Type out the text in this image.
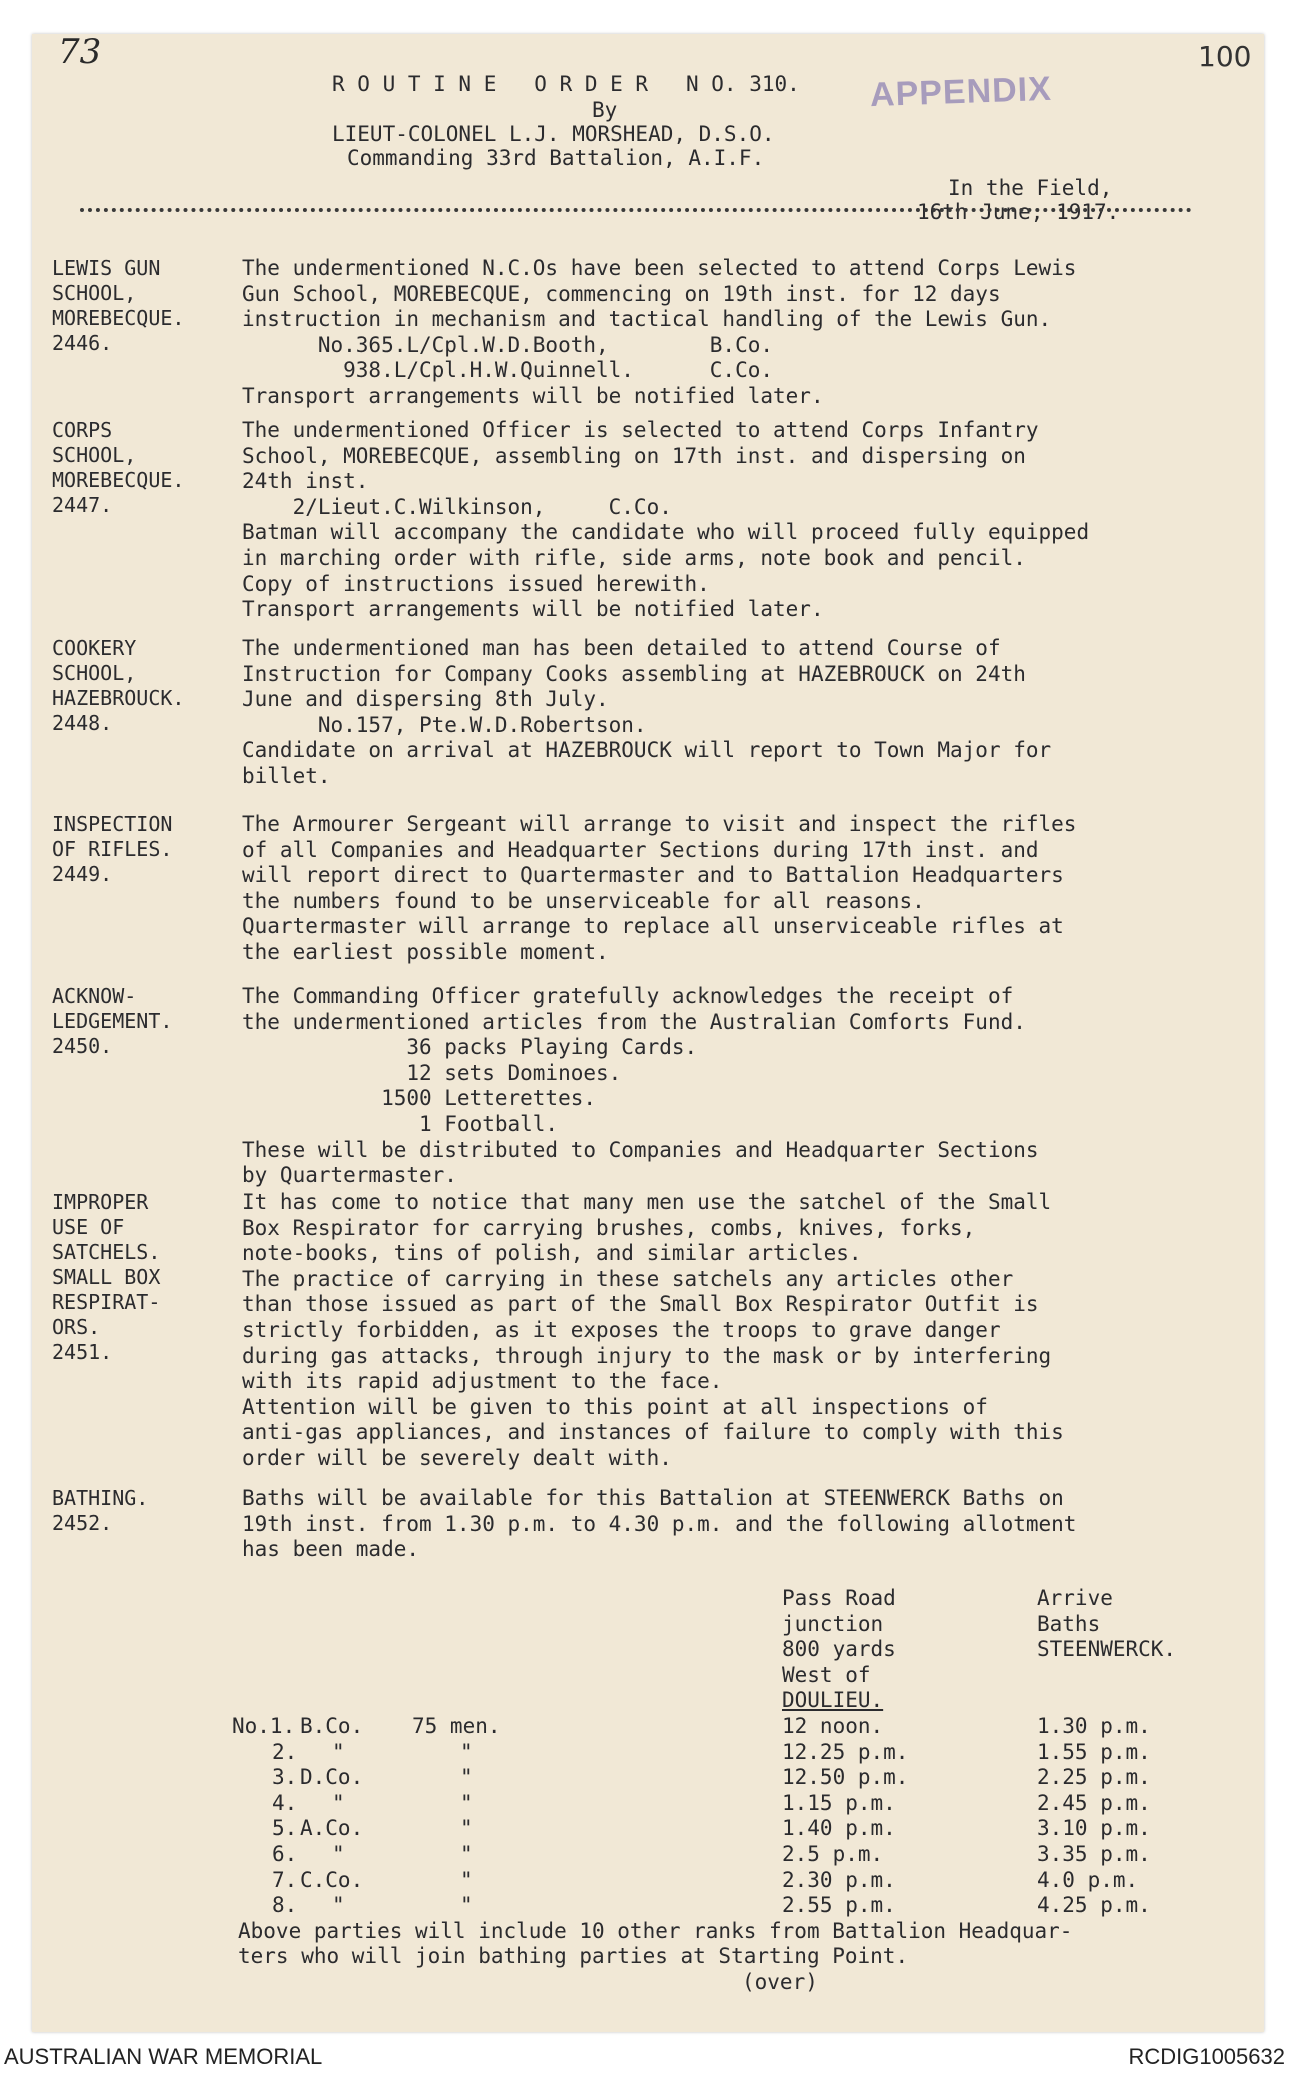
73	100
APPENDIX
R O U T I N E   O R D E R   N O. 310.
By
LIEUT-COLONEL L.J. MORSHEAD, D.S.O.
Commanding 33rd Battalion, A.I.F.
In the Field,
16th June, 1917.
LEWIS GUN
SCHOOL,
MOREBECQUE.
2446.
The undermentioned N.C.Os have been selected to attend Corps Lewis
Gun School, MOREBECQUE, commencing on 19th inst. for 12 days
instruction in mechanism and tactical handling of the Lewis Gun.
No.365.L/Cpl.W.D.Booth,        B.Co.
938.L/Cpl.H.W.Quinnell.      C.Co.
Transport arrangements will be notified later.
CORPS
SCHOOL,
MOREBECQUE.
2447.
The undermentioned Officer is selected to attend Corps Infantry
School, MOREBECQUE, assembling on 17th inst. and dispersing on
24th inst.
2/Lieut.C.Wilkinson,     C.Co.
Batman will accompany the candidate who will proceed fully equipped
in marching order with rifle, side arms, note book and pencil.
Copy of instructions issued herewith.
Transport arrangements will be notified later.
COOKERY
SCHOOL,
HAZEBROUCK.
2448.
The undermentioned man has been detailed to attend Course of
Instruction for Company Cooks assembling at HAZEBROUCK on 24th
June and dispersing 8th July.
No.157, Pte.W.D.Robertson.
Candidate on arrival at HAZEBROUCK will report to Town Major for
billet.
INSPECTION
OF RIFLES.
2449.
The Armourer Sergeant will arrange to visit and inspect the rifles
of all Companies and Headquarter Sections during 17th inst. and
will report direct to Quartermaster and to Battalion Headquarters
the numbers found to be unserviceable for all reasons.
Quartermaster will arrange to replace all unserviceable rifles at
the earliest possible moment.
ACKNOW-
LEDGEMENT.
2450.
The Commanding Officer gratefully acknowledges the receipt of
the undermentioned articles from the Australian Comforts Fund.
36 packs Playing Cards.
12 sets Dominoes.
1500 Letterettes.
1 Football.
These will be distributed to Companies and Headquarter Sections
by Quartermaster.
IMPROPER
USE OF
SATCHELS.
SMALL BOX
RESPIRAT-
ORS.
2451.
It has come to notice that many men use the satchel of the Small
Box Respirator for carrying brushes, combs, knives, forks,
note-books, tins of polish, and similar articles.
The practice of carrying in these satchels any articles other
than those issued as part of the Small Box Respirator Outfit is
strictly forbidden, as it exposes the troops to grave danger
during gas attacks, through injury to the mask or by interfering
with its rapid adjustment to the face.
Attention will be given to this point at all inspections of
anti-gas appliances, and instances of failure to comply with this
order will be severely dealt with.
BATHING.
2452.
Baths will be available for this Battalion at STEENWERCK Baths on
19th inst. from 1.30 p.m. to 4.30 p.m. and the following allotment
has been made.
Pass Road
junction
800 yards
West of
DOULIEU.
Arrive
Baths
STEENWERCK.
No.1. B.Co. 75 men.	12 noon.	1.30 p.m.
2. "	"	12.25 p.m.	1.55 p.m.
3. D.Co.	"	12.50 p.m.	2.25 p.m.
4. "	"	1.15 p.m.	2.45 p.m.
5. A.Co.	"	1.40 p.m.	3.10 p.m.
6. "	"	2.5 p.m.	3.35 p.m.
7. C.Co.	"	2.30 p.m.	4.0 p.m.
8. "	"	2.55 p.m.	4.25 p.m.
Above parties will include 10 other ranks from Battalion Headquar-
ters who will join bathing parties at Starting Point.
(over)
AUSTRALIAN WAR MEMORIAL	RCDIG1005632
